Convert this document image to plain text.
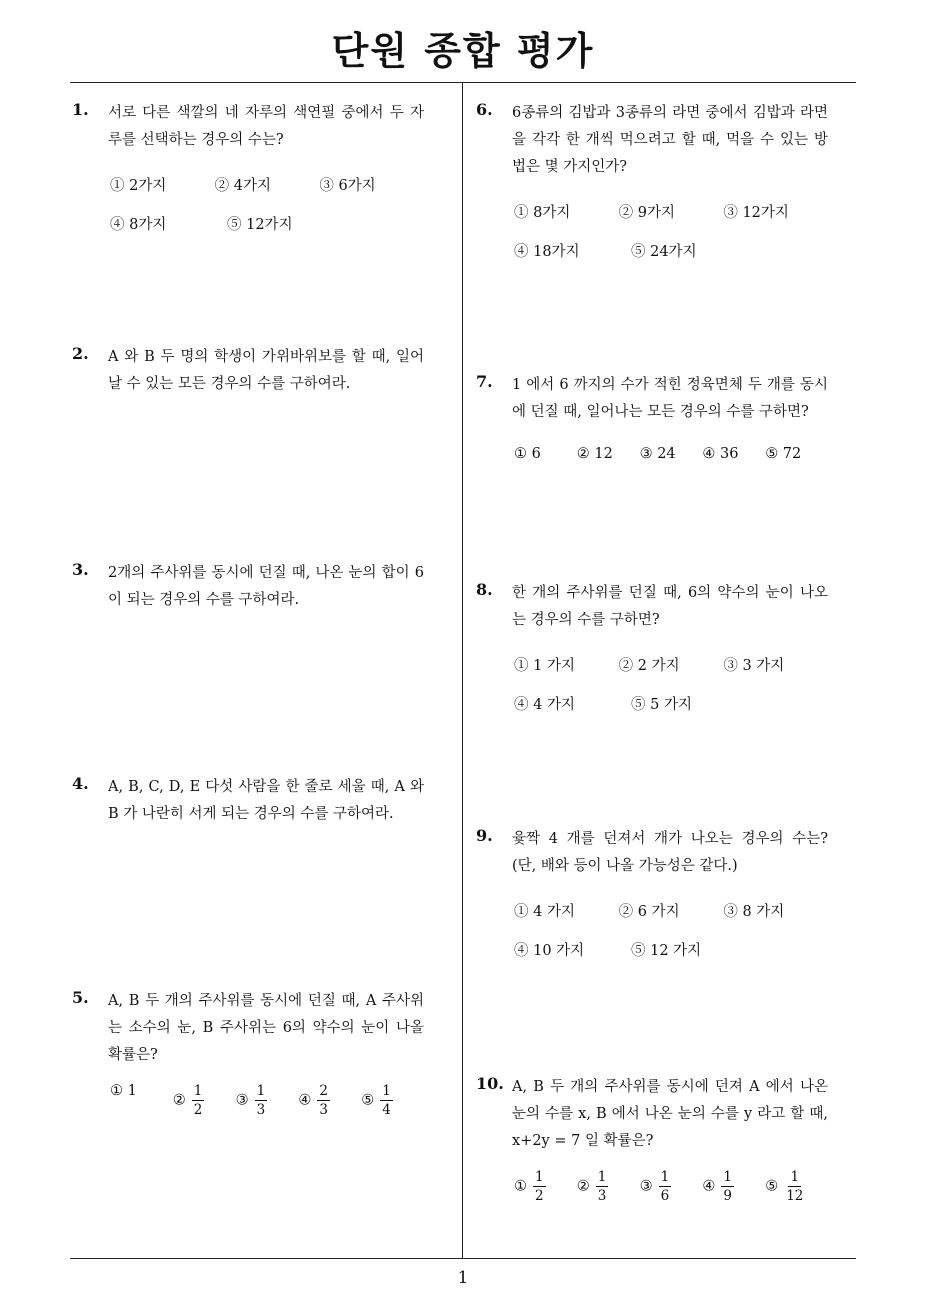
단원 종합 평가
1
1. 서로 다른 색깔의 네 자루의 색연필 중에서 두 자루를 선택하는 경우의 수는?
① 2가지	② 4가지	③ 6가지
④ 8가지	⑤ 12가지
2. A 와 B 두 명의 학생이 가위바위보를 할 때, 일어날 수 있는 모든 경우의 수를 구하여라.
3. 2개의 주사위를 동시에 던질 때, 나온 눈의 합이 6 이 되는 경우의 수를 구하여라.
4. A, B, C, D, E 다섯 사람을 한 줄로 세울 때, A 와 B 가 나란히 서게 되는 경우의 수를 구하여라.
5. A, B 두 개의 주사위를 동시에 던질 때, A 주사위는 소수의 눈, B 주사위는 6의 약수의 눈이 나올 확률은?
① 1
② $\frac{1}{2}$ ③ $\frac{1}{3}$ ④ $\frac{2}{3}$ ⑤ $\frac{1}{4}$
6. 6종류의 김밥과 3종류의 라면 중에서 김밥과 라면을 각각 한 개씩 먹으려고 할 때, 먹을 수 있는 방법은 몇 가지인가?
① 8가지	② 9가지	③ 12가지
④ 18가지	⑤ 24가지
7. 1 에서 6 까지의 수가 적힌 정육면체 두 개를 동시에 던질 때, 일어나는 모든 경우의 수를 구하면?
① 6	② 12	③ 24	④ 36	⑤ 72
8. 한 개의 주사위를 던질 때, 6의 약수의 눈이 나오는 경우의 수를 구하면?
① 1 가지	② 2 가지	③ 3 가지
④ 4 가지	⑤ 5 가지
9. 윷짝 4 개를 던져서 개가 나오는 경우의 수는? (단, 배와 등이 나올 가능성은 같다.)
① 4 가지	② 6 가지	③ 8 가지
④ 10 가지	⑤ 12 가지
10. A, B 두 개의 주사위를 동시에 던져 A 에서 나온 눈의 수를 x, B 에서 나온 눈의 수를 y 라고 할 때, x+2y = 7 일 확률은?
① $\frac{1}{2}$ ② $\frac{1}{3}$ ③ $\frac{1}{6}$ ④ $\frac{1}{9}$ ⑤ $\frac{1}{12}$
